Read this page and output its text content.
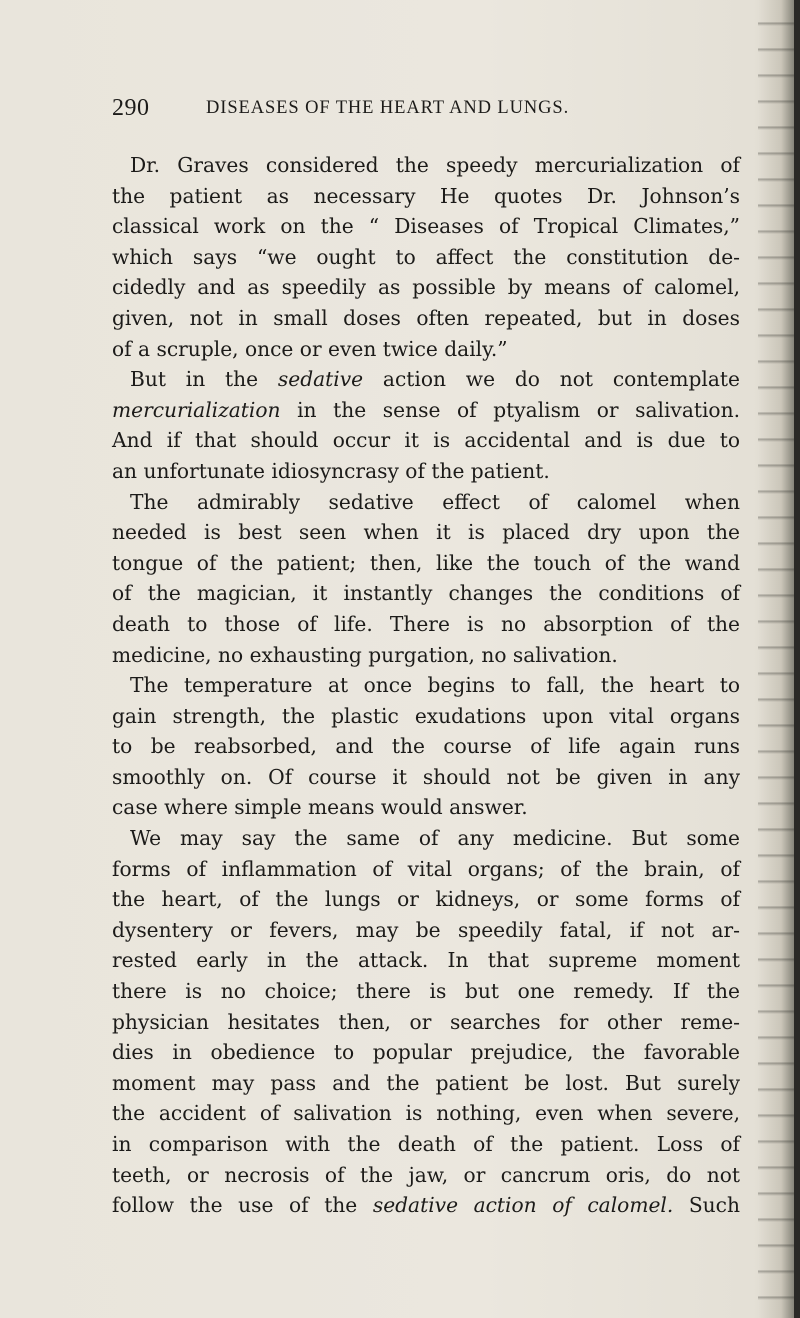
290	DISEASES OF THE HEART AND LUNGS.
Dr. Graves considered the speedy mercurialization of
the patient as necessary He quotes Dr. Johnson’s
classical work on the “ Diseases of Tropical Climates,”
which says “we ought to affect the constitution de-
cidedly and as speedily as possible by means of calomel,
given, not in small doses often repeated, but in doses
of a scruple, once or even twice daily.”
But in the sedative action we do not contemplate
mercurialization in the sense of ptyalism or salivation.
And if that should occur it is accidental and is due to
an unfortunate idiosyncrasy of the patient.
The admirably sedative effect of calomel when
needed is best seen when it is placed dry upon the
tongue of the patient; then, like the touch of the wand
of the magician, it instantly changes the conditions of
death to those of life. There is no absorption of the
medicine, no exhausting purgation, no salivation.
The temperature at once begins to fall, the heart to
gain strength, the plastic exudations upon vital organs
to be reabsorbed, and the course of life again runs
smoothly on. Of course it should not be given in any
case where simple means would answer.
We may say the same of any medicine. But some
forms of inflammation of vital organs; of the brain, of
the heart, of the lungs or kidneys, or some forms of
dysentery or fevers, may be speedily fatal, if not ar-
rested early in the attack. In that supreme moment
there is no choice; there is but one remedy. If the
physician hesitates then, or searches for other reme-
dies in obedience to popular prejudice, the favorable
moment may pass and the patient be lost. But surely
the accident of salivation is nothing, even when severe,
in comparison with the death of the patient. Loss of
teeth, or necrosis of the jaw, or cancrum oris, do not
follow the use of the sedative action of calomel. Such
